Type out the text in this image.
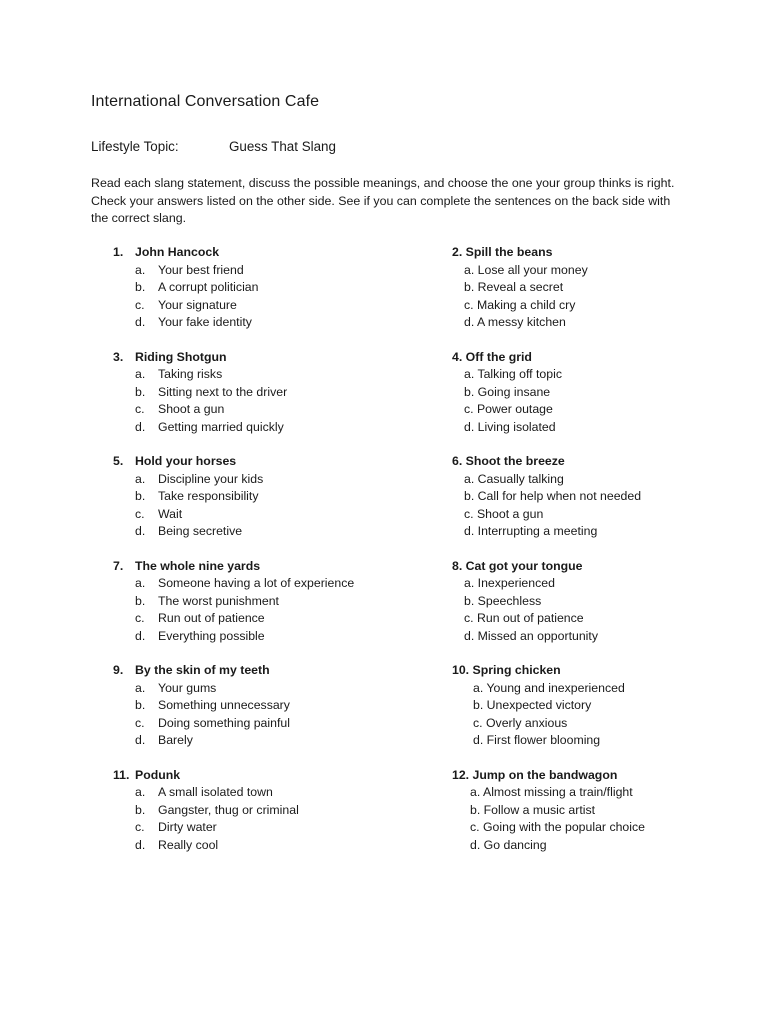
International Conversation Cafe
Lifestyle Topic:	Guess That Slang
Read each slang statement, discuss the possible meanings, and choose the one your group thinks is right. Check your answers listed on the other side. See if you can complete the sentences on the back side with the correct slang.
1. John Hancock
a. Your best friend
b. A corrupt politician
c. Your signature
d. Your fake identity
3. Riding Shotgun
a. Taking risks
b. Sitting next to the driver
c. Shoot a gun
d. Getting married quickly
5. Hold your horses
a. Discipline your kids
b. Take responsibility
c. Wait
d. Being secretive
7. The whole nine yards
a. Someone having a lot of experience
b. The worst punishment
c. Run out of patience
d. Everything possible
9. By the skin of my teeth
a. Your gums
b. Something unnecessary
c. Doing something painful
d. Barely
11. Podunk
a. A small isolated town
b. Gangster, thug or criminal
c. Dirty water
d. Really cool
2. Spill the beans
a. Lose all your money
b. Reveal a secret
c. Making a child cry
d. A messy kitchen
4. Off the grid
a. Talking off topic
b. Going insane
c. Power outage
d. Living isolated
6. Shoot the breeze
a. Casually talking
b. Call for help when not needed
c. Shoot a gun
d. Interrupting a meeting
8. Cat got your tongue
a. Inexperienced
b. Speechless
c. Run out of patience
d. Missed an opportunity
10. Spring chicken
a. Young and inexperienced
b. Unexpected victory
c. Overly anxious
d. First flower blooming
12. Jump on the bandwagon
a. Almost missing a train/flight
b. Follow a music artist
c. Going with the popular choice
d. Go dancing
